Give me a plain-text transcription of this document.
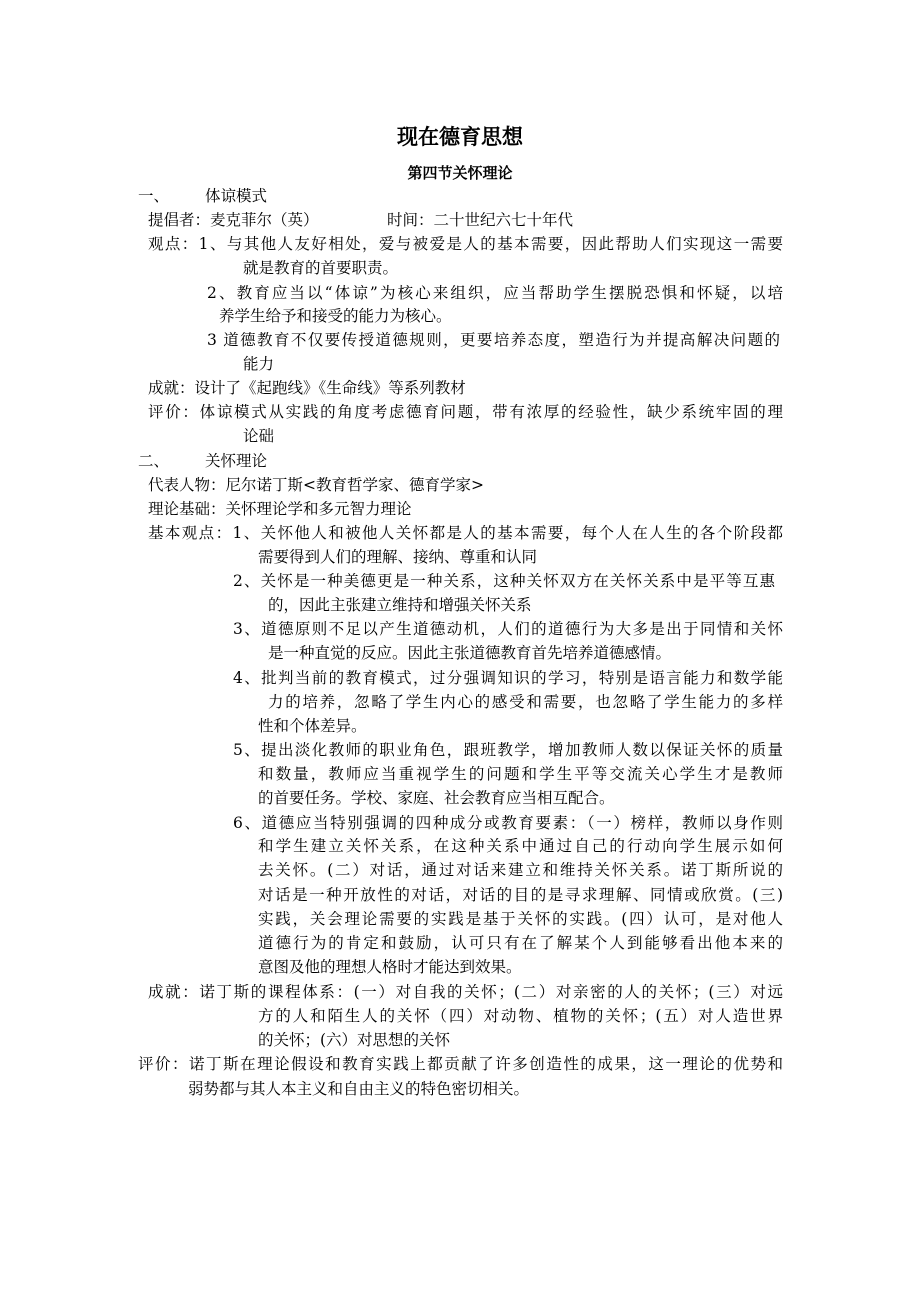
现在德育思想
第四节关怀理论
一、 体谅模式
提倡者：麦克菲尔（英）	时间：二十世纪六七十年代
观点：1、与其他人友好相处，爱与被爱是人的基本需要，因此帮助人们实现这一需要
就是教育的首要职责。
2、教育应当以“体谅”为核心来组织，应当帮助学生摆脱恐惧和怀疑，以培
养学生给予和接受的能力为核心。
3 道德教育不仅要传授道德规则，更要培养态度，塑造行为并提高解决问题的
能力
成就：设计了《起跑线》《生命线》等系列教材
评价：体谅模式从实践的角度考虑德育问题，带有浓厚的经验性，缺少系统牢固的理
论础
二、 关怀理论
代表人物：尼尔诺丁斯<教育哲学家、德育学家>
理论基础：关怀理论学和多元智力理论
基本观点：1、关怀他人和被他人关怀都是人的基本需要，每个人在人生的各个阶段都
需要得到人们的理解、接纳、尊重和认同
2、关怀是一种美德更是一种关系，这种关怀双方在关怀关系中是平等互惠
的，因此主张建立维持和增强关怀关系
3、道德原则不足以产生道德动机，人们的道德行为大多是出于同情和关怀
是一种直觉的反应。因此主张道德教育首先培养道德感情。
4、批判当前的教育模式，过分强调知识的学习，特别是语言能力和数学能
力的培养，忽略了学生内心的感受和需要，也忽略了学生能力的多样
性和个体差异。
5、提出淡化教师的职业角色，跟班教学，增加教师人数以保证关怀的质量
和数量，教师应当重视学生的问题和学生平等交流关心学生才是教师
的首要任务。学校、家庭、社会教育应当相互配合。
6、道德应当特别强调的四种成分或教育要素：（一）榜样，教师以身作则
和学生建立关怀关系，在这种关系中通过自己的行动向学生展示如何
去关怀。(二）对话，通过对话来建立和维持关怀关系。诺丁斯所说的
对话是一种开放性的对话，对话的目的是寻求理解、同情或欣赏。(三)
实践，关会理论需要的实践是基于关怀的实践。(四）认可，是对他人
道德行为的肯定和鼓励，认可只有在了解某个人到能够看出他本来的
意图及他的理想人格时才能达到效果。
成就：诺丁斯的课程体系：(一）对自我的关怀；(二）对亲密的人的关怀；(三）对远
方的人和陌生人的关怀（四）对动物、植物的关怀；(五）对人造世界
的关怀；(六）对思想的关怀
评价：诺丁斯在理论假设和教育实践上都贡献了许多创造性的成果，这一理论的优势和
弱势都与其人本主义和自由主义的特色密切相关。
